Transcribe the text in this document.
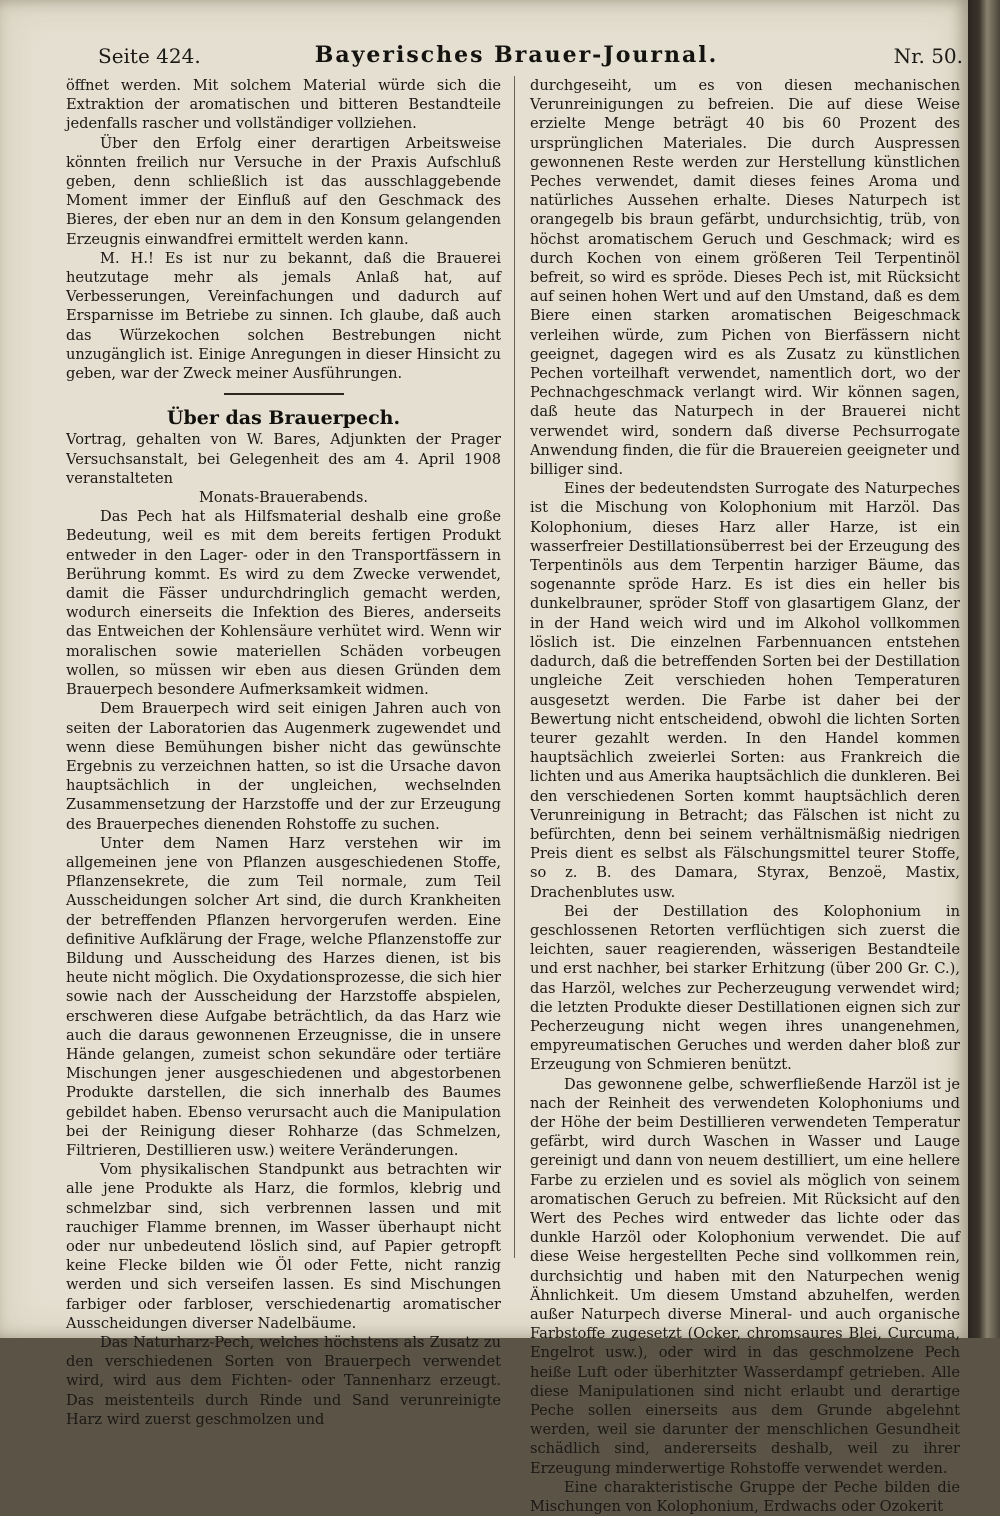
Seite 424.	Bayerisches Brauer-Journal.	Nr. 50.

öffnet werden. Mit solchem Material würde sich die Extraktion der aromatischen und bitteren Bestandteile jedenfalls rascher und vollständiger vollziehen.

Über den Erfolg einer derartigen Arbeitsweise könnten freilich nur Versuche in der Praxis Aufschluß geben, denn schließlich ist das ausschlaggebende Moment immer der Einfluß auf den Geschmack des Bieres, der eben nur an dem in den Konsum gelangenden Erzeugnis einwandfrei ermittelt werden kann.

M. H.! Es ist nur zu bekannt, daß die Brauerei heutzutage mehr als jemals Anlaß hat, auf Verbesserungen, Vereinfachungen und dadurch auf Ersparnisse im Betriebe zu sinnen. Ich glaube, daß auch das Würzekochen solchen Bestrebungen nicht unzugänglich ist. Einige Anregungen in dieser Hinsicht zu geben, war der Zweck meiner Ausführungen.

Über das Brauerpech.

Vortrag, gehalten von W. Bares, Adjunkten der Prager Versuchsanstalt, bei Gelegenheit des am 4. April 1908 veranstalteten

Monats-Brauerabends.

Das Pech hat als Hilfsmaterial deshalb eine große Bedeutung, weil es mit dem bereits fertigen Produkt entweder in den Lager- oder in den Transportfässern in Berührung kommt. Es wird zu dem Zwecke verwendet, damit die Fässer undurchdringlich gemacht werden, wodurch einerseits die Infektion des Bieres, anderseits das Entweichen der Kohlensäure verhütet wird. Wenn wir moralischen sowie materiellen Schäden vorbeugen wollen, so müssen wir eben aus diesen Gründen dem Brauerpech besondere Aufmerksamkeit widmen.

Dem Brauerpech wird seit einigen Jahren auch von seiten der Laboratorien das Augenmerk zugewendet und wenn diese Bemühungen bisher nicht das gewünschte Ergebnis zu verzeichnen hatten, so ist die Ursache davon hauptsächlich in der ungleichen, wechselnden Zusammensetzung der Harzstoffe und der zur Erzeugung des Brauerpeches dienenden Rohstoffe zu suchen.

Unter dem Namen Harz verstehen wir im allgemeinen jene von Pflanzen ausgeschiedenen Stoffe, Pflanzensekrete, die zum Teil normale, zum Teil Ausscheidungen solcher Art sind, die durch Krankheiten der betreffenden Pflanzen hervorgerufen werden. Eine definitive Aufklärung der Frage, welche Pflanzenstoffe zur Bildung und Ausscheidung des Harzes dienen, ist bis heute nicht möglich. Die Oxydationsprozesse, die sich hier sowie nach der Ausscheidung der Harzstoffe abspielen, erschweren diese Aufgabe beträchtlich, da das Harz wie auch die daraus gewonnenen Erzeugnisse, die in unsere Hände gelangen, zumeist schon sekundäre oder tertiäre Mischungen jener ausgeschiedenen und abgestorbenen Produkte darstellen, die sich innerhalb des Baumes gebildet haben. Ebenso verursacht auch die Manipulation bei der Reinigung dieser Rohharze (das Schmelzen, Filtrieren, Destillieren usw.) weitere Veränderungen.

Vom physikalischen Standpunkt aus betrachten wir alle jene Produkte als Harz, die formlos, klebrig und schmelzbar sind, sich verbrennen lassen und mit rauchiger Flamme brennen, im Wasser überhaupt nicht oder nur unbedeutend löslich sind, auf Papier getropft keine Flecke bilden wie Öl oder Fette, nicht ranzig werden und sich verseifen lassen. Es sind Mischungen farbiger oder farbloser, verschiedenartig aromatischer Ausscheidungen diverser Nadelbäume.

Das Naturharz-Pech, welches höchstens als Zusatz zu den verschiedenen Sorten von Brauerpech verwendet wird, wird aus dem Fichten- oder Tannenharz erzeugt. Das meistenteils durch Rinde und Sand verunreinigte Harz wird zuerst geschmolzen und

durchgeseiht, um es von diesen mechanischen Verunreinigungen zu befreien. Die auf diese Weise erzielte Menge beträgt 40 bis 60 Prozent des ursprünglichen Materiales. Die durch Auspressen gewonnenen Reste werden zur Herstellung künstlichen Peches verwendet, damit dieses feines Aroma und natürliches Aussehen erhalte. Dieses Naturpech ist orangegelb bis braun gefärbt, undurchsichtig, trüb, von höchst aromatischem Geruch und Geschmack; wird es durch Kochen von einem größeren Teil Terpentinöl befreit, so wird es spröde. Dieses Pech ist, mit Rücksicht auf seinen hohen Wert und auf den Umstand, daß es dem Biere einen starken aromatischen Beigeschmack verleihen würde, zum Pichen von Bierfässern nicht geeignet, dagegen wird es als Zusatz zu künstlichen Pechen vorteilhaft verwendet, namentlich dort, wo der Pechnachgeschmack verlangt wird. Wir können sagen, daß heute das Naturpech in der Brauerei nicht verwendet wird, sondern daß diverse Pechsurrogate Anwendung finden, die für die Brauereien geeigneter und billiger sind.

Eines der bedeutendsten Surrogate des Naturpeches ist die Mischung von Kolophonium mit Harzöl. Das Kolophonium, dieses Harz aller Harze, ist ein wasserfreier Destillationsüberrest bei der Erzeugung des Terpentinöls aus dem Terpentin harziger Bäume, das sogenannte spröde Harz. Es ist dies ein heller bis dunkelbrauner, spröder Stoff von glasartigem Glanz, der in der Hand weich wird und im Alkohol vollkommen löslich ist. Die einzelnen Farbennuancen entstehen dadurch, daß die betreffenden Sorten bei der Destillation ungleiche Zeit verschieden hohen Temperaturen ausgesetzt werden. Die Farbe ist daher bei der Bewertung nicht entscheidend, obwohl die lichten Sorten teurer gezahlt werden. In den Handel kommen hauptsächlich zweierlei Sorten: aus Frankreich die lichten und aus Amerika hauptsächlich die dunkleren. Bei den verschiedenen Sorten kommt hauptsächlich deren Verunreinigung in Betracht; das Fälschen ist nicht zu befürchten, denn bei seinem verhältnismäßig niedrigen Preis dient es selbst als Fälschungsmittel teurer Stoffe, so z. B. des Damara, Styrax, Benzoë, Mastix, Drachenblutes usw.

Bei der Destillation des Kolophonium in geschlossenen Retorten verflüchtigen sich zuerst die leichten, sauer reagierenden, wässerigen Bestandteile und erst nachher, bei starker Erhitzung (über 200 Gr. C.), das Harzöl, welches zur Pecherzeugung verwendet wird; die letzten Produkte dieser Destillationen eignen sich zur Pecherzeugung nicht wegen ihres unangenehmen, empyreumatischen Geruches und werden daher bloß zur Erzeugung von Schmieren benützt.

Das gewonnene gelbe, schwerfließende Harzöl ist je nach der Reinheit des verwendeten Kolophoniums und der Höhe der beim Destillieren verwendeten Temperatur gefärbt, wird durch Waschen in Wasser und Lauge gereinigt und dann von neuem destilliert, um eine hellere Farbe zu erzielen und es soviel als möglich von seinem aromatischen Geruch zu befreien. Mit Rücksicht auf den Wert des Peches wird entweder das lichte oder das dunkle Harzöl oder Kolophonium verwendet. Die auf diese Weise hergestellten Peche sind vollkommen rein, durchsichtig und haben mit den Naturpechen wenig Ähnlichkeit. Um diesem Umstand abzuhelfen, werden außer Naturpech diverse Mineral- und auch organische Farbstoffe zugesetzt (Ocker, chromsaures Blei, Curcuma, Engelrot usw.), oder wird in das geschmolzene Pech heiße Luft oder überhitzter Wasserdampf getrieben. Alle diese Manipulationen sind nicht erlaubt und derartige Peche sollen einerseits aus dem Grunde abgelehnt werden, weil sie darunter der menschlichen Gesundheit schädlich sind, andererseits deshalb, weil zu ihrer Erzeugung minderwertige Rohstoffe verwendet werden.

Eine charakteristische Gruppe der Peche bilden die Mischungen von Kolophonium, Erdwachs oder Ozokerit
